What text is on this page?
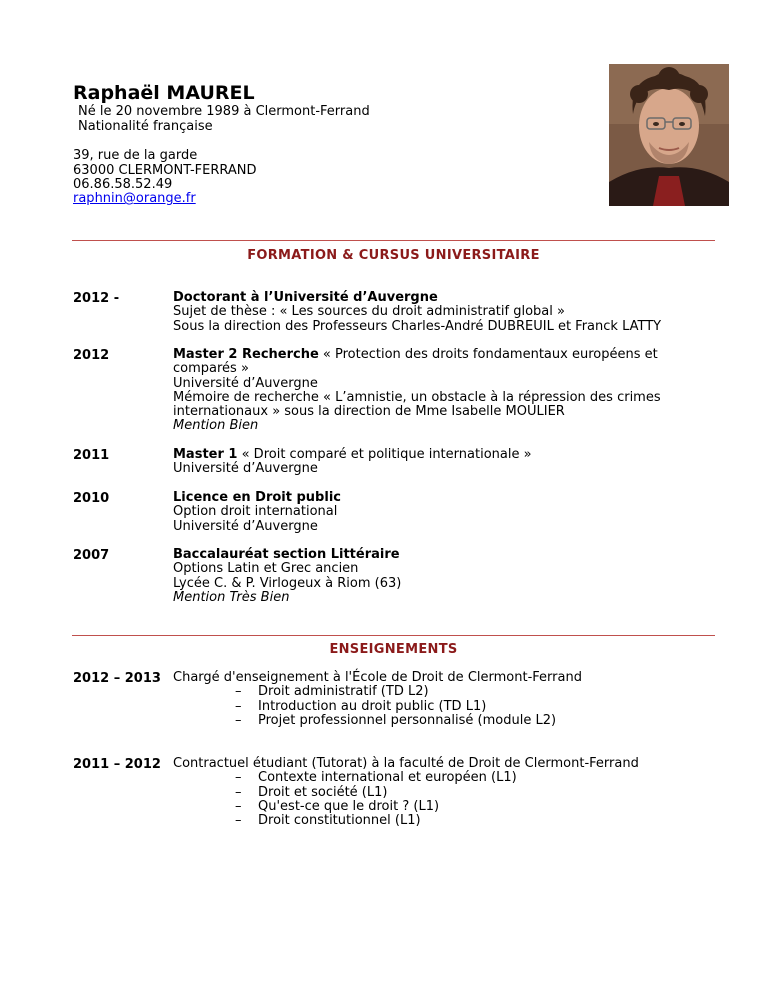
Raphaël MAUREL
Né le 20 novembre 1989 à Clermont-Ferrand
Nationalité française
39, rue de la garde
63000 CLERMONT-FERRAND
06.86.58.52.49
raphnin@orange.fr
FORMATION & CURSUS UNIVERSITAIRE
2012 -	Doctorant à l’Université d’Auvergne
Sujet de thèse : « Les sources du droit administratif global »
Sous la direction des Professeurs Charles-André DUBREUIL et Franck LATTY
2012	Master 2 Recherche « Protection des droits fondamentaux européens et
comparés »
Université d’Auvergne
Mémoire de recherche « L’amnistie, un obstacle à la répression des crimes
internationaux » sous la direction de Mme Isabelle MOULIER
Mention Bien
2011	Master 1 « Droit comparé et politique internationale »
Université d’Auvergne
2010	Licence en Droit public
Option droit international
Université d’Auvergne
2007	Baccalauréat section Littéraire
Options Latin et Grec ancien
Lycée C. & P. Virlogeux à Riom (63)
Mention Très Bien
ENSEIGNEMENTS
2012 – 2013 Chargé d'enseignement à l'École de Droit de Clermont-Ferrand
– Droit administratif (TD L2)
– Introduction au droit public (TD L1)
– Projet professionnel personnalisé (module L2)
2011 – 2012 Contractuel étudiant (Tutorat) à la faculté de Droit de Clermont-Ferrand
– Contexte international et européen (L1)
– Droit et société (L1)
– Qu'est-ce que le droit ? (L1)
– Droit constitutionnel (L1)
